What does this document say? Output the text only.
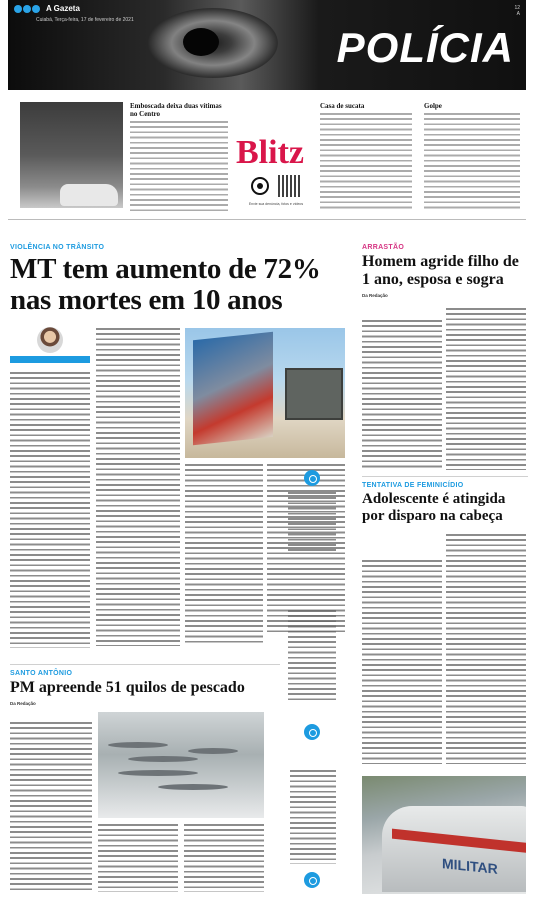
A Gazeta
Cuiabá, Terça-feira, 17 de fevereiro de 2021
12
A
POLÍCIA
Emboscada deixa duas vítimas no Centro
Blitz
Envie sua denúncia, fotos e vídeos
Casa de sucata	Golpe
VIOLÊNCIA NO TRÂNSITO
MT tem aumento de 72% nas mortes em 10 anos

ARRASTÃO
Homem agride filho de 1 ano, esposa e sogra
Da Redação
TENTATIVA DE FEMINICÍDIO
Adolescente é atingida por disparo na cabeça
MILITAR
SANTO ANTÔNIO
PM apreende 51 quilos de pescado
Da Redação
